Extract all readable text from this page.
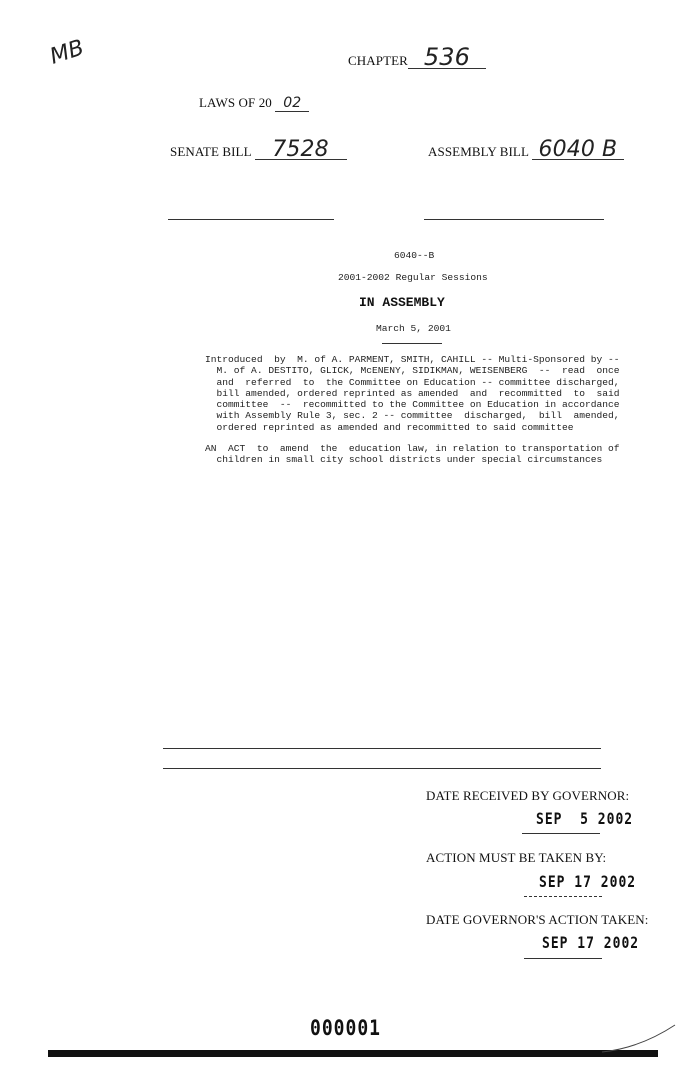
MB	CHAPTER 536
LAWS OF 20 02
SENATE BILL 7528	ASSEMBLY BILL 6040 B
6040--B
2001-2002 Regular Sessions
IN ASSEMBLY
March 5, 2001
Introduced  by  M. of A. PARMENT, SMITH, CAHILL -- Multi-Sponsored by --
M. of A. DESTITO, GLICK, McENENY, SIDIKMAN, WEISENBERG  --  read  once
and  referred  to  the Committee on Education -- committee discharged,
bill amended, ordered reprinted as amended  and  recommitted  to  said
committee  --  recommitted to the Committee on Education in accordance
with Assembly Rule 3, sec. 2 -- committee  discharged,  bill  amended,
ordered reprinted as amended and recommitted to said committee
AN  ACT  to  amend  the  education law, in relation to transportation of
children in small city school districts under special circumstances
DATE RECEIVED BY GOVERNOR:
SEP  5 2002
ACTION MUST BE TAKEN BY:
SEP 17 2002
DATE GOVERNOR'S ACTION TAKEN:
SEP 17 2002
000001
